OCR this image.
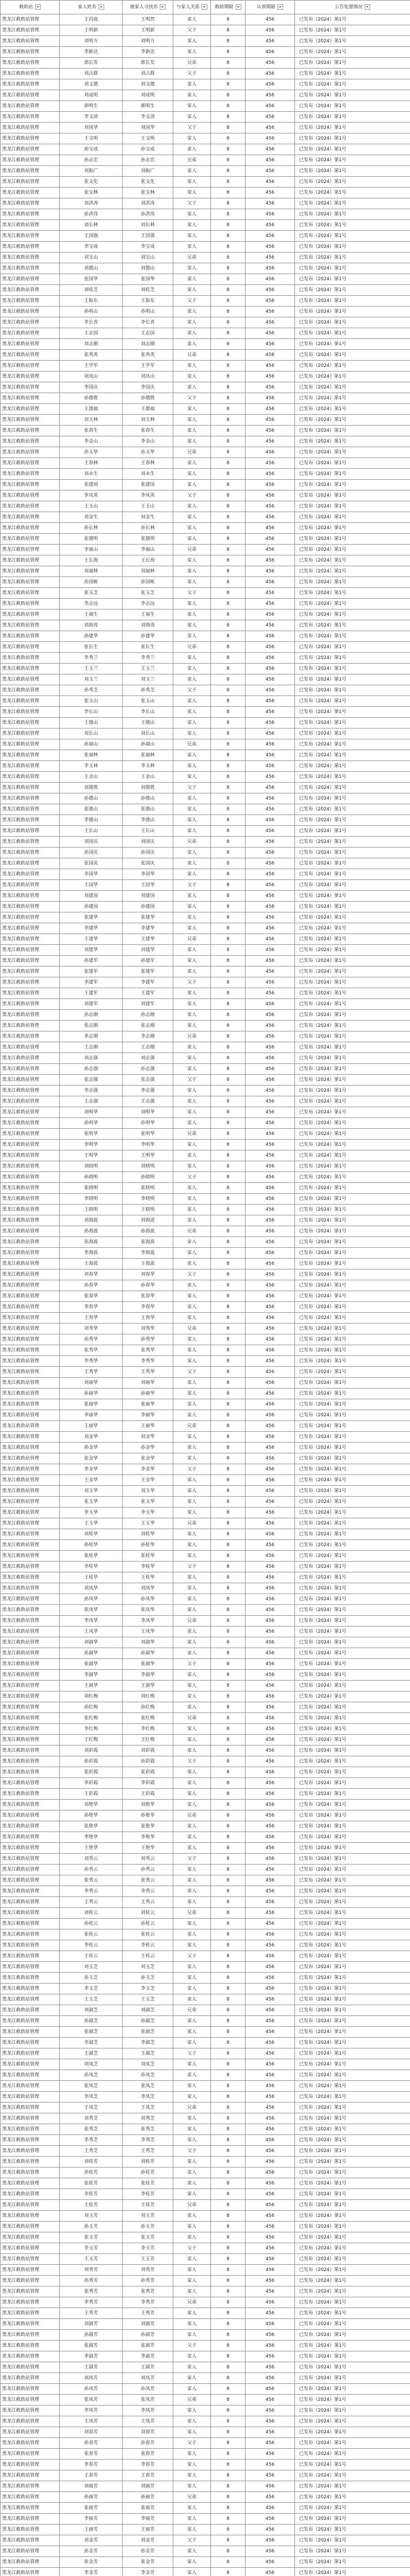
救助站	家人姓名	被家人寻找名	与家人关系	救助期限	认领期限	公告处置情况
黑龙江救助站管理	王昌庭	王明然	家人	8	456	已发布（2024）第1号
黑龙江救助站管理	王明新	王明新	父子	8	456	已发布（2024）第1号
黑龙江救助站管理	刘明方	刘明方	家人	8	456	已发布（2024）第1号
黑龙江救助站管理	李新达	李新达	家人	8	456	已发布（2024）第1号
黑龙江救助站管理	郭长发	郭长发	兄弟	8	456	已发布（2024）第1号
黑龙江救助站管理	刘占群	刘占群	父子	8	456	已发布（2024）第1号
黑龙江救助站管理	刘文德	刘文德	家人	8	456	已发布（2024）第1号
黑龙江救助站管理	刘成明	刘成明	家人	8	456	已发布（2024）第1号
黑龙江救助站管理	郭明生	郭明生	家人	8	456	已发布（2024）第1号
黑龙江救助站管理	李文清	李文清	家人	8	456	已发布（2024）第1号
黑龙江救助站管理	刘国华	刘国华	父子	8	456	已发布（2024）第1号
黑龙江救助站管理	王文明	王文明	家人	8	456	已发布（2024）第1号
黑龙江救助站管理	孙宝成	孙宝成	家人	8	456	已发布（2024）第1号
黑龙江救助站管理	孙志宏	孙志宏	兄弟	8	456	已发布（2024）第1号
黑龙江救助站管理	刘振广	刘振广	家人	8	456	已发布（2024）第1号
黑龙江救助站管理	张文化	张文化	家人	8	456	已发布（2024）第1号
黑龙江救助站管理	张宝林	张宝林	家人	8	456	已发布（2024）第1号
黑龙江救助站管理	刘洪涛	刘洪涛	父子	8	456	已发布（2024）第1号
黑龙江救助站管理	孙洪伟	孙洪伟	家人	8	456	已发布（2024）第1号
黑龙江救助站管理	刘长林	刘长林	家人	8	456	已发布（2024）第1号
黑龙江救助站管理	王国强	王国强	家人	8	456	已发布（2024）第1号
黑龙江救助站管理	李宝成	李宝成	家人	8	456	已发布（2024）第1号
黑龙江救助站管理	刘宝山	刘宝山	兄弟	8	456	已发布（2024）第1号
黑龙江救助站管理	刘德山	刘德山	家人	8	456	已发布（2024）第1号
黑龙江救助站管理	张国华	张国华	家人	8	456	已发布（2024）第1号
黑龙江救助站管理	刘桂芝	刘桂芝	家人	8	456	已发布（2024）第1号
黑龙江救助站管理	王振东	王振东	父子	8	456	已发布（2024）第1号
黑龙江救助站管理	孙明山	孙明山	家人	8	456	已发布（2024）第1号
黑龙江救助站管理	李长青	李长青	家人	8	456	已发布（2024）第1号
黑龙江救助站管理	王志国	王志国	家人	8	456	已发布（2024）第1号
黑龙江救助站管理	刘志刚	刘志刚	家人	8	456	已发布（2024）第1号
黑龙江救助站管理	张秀英	张秀英	兄弟	8	456	已发布（2024）第1号
黑龙江救助站管理	王学军	王学军	家人	8	456	已发布（2024）第1号
黑龙江救助站管理	刘凤山	刘凤山	家人	8	456	已发布（2024）第1号
黑龙江救助站管理	李国庆	李国庆	家人	8	456	已发布（2024）第1号
黑龙江救助站管理	孙德胜	孙德胜	父子	8	456	已发布（2024）第1号
黑龙江救助站管理	王德福	王德福	家人	8	456	已发布（2024）第1号
黑龙江救助站管理	刘玉林	刘玉林	家人	8	456	已发布（2024）第1号
黑龙江救助站管理	张春生	张春生	家人	8	456	已发布（2024）第1号
黑龙江救助站管理	李金山	李金山	家人	8	456	已发布（2024）第1号
黑龙江救助站管理	孙玉华	孙玉华	兄弟	8	456	已发布（2024）第1号
黑龙江救助站管理	王春林	王春林	家人	8	456	已发布（2024）第1号
黑龙江救助站管理	刘永生	刘永生	家人	8	456	已发布（2024）第1号
黑龙江救助站管理	张建国	张建国	家人	8	456	已发布（2024）第1号
黑龙江救助站管理	李凤英	李凤英	父子	8	456	已发布（2024）第1号
黑龙江救助站管理	王玉山	王玉山	家人	8	456	已发布（2024）第1号
黑龙江救助站管理	刘金生	刘金生	家人	8	456	已发布（2024）第1号
黑龙江救助站管理	孙长林	孙长林	家人	8	456	已发布（2024）第1号
黑龙江救助站管理	张德明	张德明	家人	8	456	已发布（2024）第1号
黑龙江救助站管理	李福山	李福山	兄弟	8	456	已发布（2024）第1号
黑龙江救助站管理	王长海	王长海	家人	8	456	已发布（2024）第1号
黑龙江救助站管理	刘福林	刘福林	家人	8	456	已发布（2024）第1号
黑龙江救助站管理	孙国栋	孙国栋	家人	8	456	已发布（2024）第1号
黑龙江救助站管理	张玉芝	张玉芝	父子	8	456	已发布（2024）第1号
黑龙江救助站管理	李志远	李志远	家人	8	456	已发布（2024）第1号
黑龙江救助站管理	王福生	王福生	家人	8	456	已发布（2024）第1号
黑龙江救助站管理	刘海涛	刘海涛	家人	8	456	已发布（2024）第1号
黑龙江救助站管理	孙建华	孙建华	家人	8	456	已发布（2024）第1号
黑龙江救助站管理	张长生	张长生	兄弟	8	456	已发布（2024）第1号
黑龙江救助站管理	李秀兰	李秀兰	家人	8	456	已发布（2024）第1号
黑龙江救助站管理	王玉兰	王玉兰	家人	8	456	已发布（2024）第1号
黑龙江救助站管理	刘玉兰	刘玉兰	家人	8	456	已发布（2024）第1号
黑龙江救助站管理	孙秀芝	孙秀芝	父子	8	456	已发布（2024）第1号
黑龙江救助站管理	张玉山	张玉山	家人	8	456	已发布（2024）第1号
黑龙江救助站管理	李长山	李长山	家人	8	456	已发布（2024）第1号
黑龙江救助站管理	王德山	王德山	家人	8	456	已发布（2024）第1号
黑龙江救助站管理	刘长山	刘长山	家人	8	456	已发布（2024）第1号
黑龙江救助站管理	孙福山	孙福山	兄弟	8	456	已发布（2024）第1号
黑龙江救助站管理	张福林	张福林	家人	8	456	已发布（2024）第1号
黑龙江救助站管理	李玉林	李玉林	家人	8	456	已发布（2024）第1号
黑龙江救助站管理	王金山	王金山	家人	8	456	已发布（2024）第1号
黑龙江救助站管理	刘德胜	刘德胜	父子	8	456	已发布（2024）第1号
黑龙江救助站管理	孙德山	孙德山	家人	8	456	已发布（2024）第1号
黑龙江救助站管理	张德山	张德山	家人	8	456	已发布（2024）第1号
黑龙江救助站管理	李德山	李德山	家人	8	456	已发布（2024）第1号
黑龙江救助站管理	王长山	王长山	家人	8	456	已发布（2024）第1号
黑龙江救助站管理	刘国庆	刘国庆	兄弟	8	456	已发布（2024）第1号
黑龙江救助站管理	孙国庆	孙国庆	家人	8	456	已发布（2024）第1号
黑龙江救助站管理	张国庆	张国庆	家人	8	456	已发布（2024）第1号
黑龙江救助站管理	李国华	李国华	家人	8	456	已发布（2024）第1号
黑龙江救助站管理	王国华	王国华	父子	8	456	已发布（2024）第1号
黑龙江救助站管理	刘建国	刘建国	家人	8	456	已发布（2024）第1号
黑龙江救助站管理	孙建国	孙建国	家人	8	456	已发布（2024）第1号
黑龙江救助站管理	张建华	张建华	家人	8	456	已发布（2024）第1号
黑龙江救助站管理	李建华	李建华	家人	8	456	已发布（2024）第1号
黑龙江救助站管理	王建华	王建华	兄弟	8	456	已发布（2024）第1号
黑龙江救助站管理	刘建华	刘建华	家人	8	456	已发布（2024）第1号
黑龙江救助站管理	孙建军	孙建军	家人	8	456	已发布（2024）第1号
黑龙江救助站管理	张建军	张建军	家人	8	456	已发布（2024）第1号
黑龙江救助站管理	李建军	李建军	父子	8	456	已发布（2024）第1号
黑龙江救助站管理	王建军	王建军	家人	8	456	已发布（2024）第1号
黑龙江救助站管理	刘建军	刘建军	家人	8	456	已发布（2024）第1号
黑龙江救助站管理	孙志刚	孙志刚	家人	8	456	已发布（2024）第1号
黑龙江救助站管理	张志刚	张志刚	家人	8	456	已发布（2024）第1号
黑龙江救助站管理	李志刚	李志刚	兄弟	8	456	已发布（2024）第1号
黑龙江救助站管理	王志刚	王志刚	家人	8	456	已发布（2024）第1号
黑龙江救助站管理	刘志强	刘志强	家人	8	456	已发布（2024）第1号
黑龙江救助站管理	孙志强	孙志强	家人	8	456	已发布（2024）第1号
黑龙江救助站管理	张志强	张志强	父子	8	456	已发布（2024）第1号
黑龙江救助站管理	李志强	李志强	家人	8	456	已发布（2024）第1号
黑龙江救助站管理	王志强	王志强	家人	8	456	已发布（2024）第1号
黑龙江救助站管理	刘明华	刘明华	家人	8	456	已发布（2024）第1号
黑龙江救助站管理	孙明华	孙明华	家人	8	456	已发布（2024）第1号
黑龙江救助站管理	张明华	张明华	兄弟	8	456	已发布（2024）第1号
黑龙江救助站管理	李明华	李明华	家人	8	456	已发布（2024）第1号
黑龙江救助站管理	王明华	王明华	家人	8	456	已发布（2024）第1号
黑龙江救助站管理	刘晓明	刘晓明	家人	8	456	已发布（2024）第1号
黑龙江救助站管理	孙晓明	孙晓明	父子	8	456	已发布（2024）第1号
黑龙江救助站管理	张晓明	张晓明	家人	8	456	已发布（2024）第1号
黑龙江救助站管理	李晓明	李晓明	家人	8	456	已发布（2024）第1号
黑龙江救助站管理	王晓明	王晓明	家人	8	456	已发布（2024）第1号
黑龙江救助站管理	刘海波	刘海波	家人	8	456	已发布（2024）第1号
黑龙江救助站管理	孙海波	孙海波	兄弟	8	456	已发布（2024）第1号
黑龙江救助站管理	张海波	张海波	家人	8	456	已发布（2024）第1号
黑龙江救助站管理	李海波	李海波	家人	8	456	已发布（2024）第1号
黑龙江救助站管理	王海波	王海波	家人	8	456	已发布（2024）第1号
黑龙江救助站管理	刘春华	刘春华	父子	8	456	已发布（2024）第1号
黑龙江救助站管理	孙春华	孙春华	家人	8	456	已发布（2024）第1号
黑龙江救助站管理	张春华	张春华	家人	8	456	已发布（2024）第1号
黑龙江救助站管理	李春华	李春华	家人	8	456	已发布（2024）第1号
黑龙江救助站管理	王春华	王春华	家人	8	456	已发布（2024）第1号
黑龙江救助站管理	刘秀华	刘秀华	兄弟	8	456	已发布（2024）第1号
黑龙江救助站管理	孙秀华	孙秀华	家人	8	456	已发布（2024）第1号
黑龙江救助站管理	张秀华	张秀华	家人	8	456	已发布（2024）第1号
黑龙江救助站管理	李秀华	李秀华	家人	8	456	已发布（2024）第1号
黑龙江救助站管理	王秀华	王秀华	父子	8	456	已发布（2024）第1号
黑龙江救助站管理	刘丽华	刘丽华	家人	8	456	已发布（2024）第1号
黑龙江救助站管理	孙丽华	孙丽华	家人	8	456	已发布（2024）第1号
黑龙江救助站管理	张丽华	张丽华	家人	8	456	已发布（2024）第1号
黑龙江救助站管理	李丽华	李丽华	家人	8	456	已发布（2024）第1号
黑龙江救助站管理	王丽华	王丽华	兄弟	8	456	已发布（2024）第1号
黑龙江救助站管理	刘金华	刘金华	家人	8	456	已发布（2024）第1号
黑龙江救助站管理	孙金华	孙金华	家人	8	456	已发布（2024）第1号
黑龙江救助站管理	张金华	张金华	家人	8	456	已发布（2024）第1号
黑龙江救助站管理	李金华	李金华	父子	8	456	已发布（2024）第1号
黑龙江救助站管理	王金华	王金华	家人	8	456	已发布（2024）第1号
黑龙江救助站管理	刘玉华	刘玉华	家人	8	456	已发布（2024）第1号
黑龙江救助站管理	张玉华	张玉华	家人	8	456	已发布（2024）第1号
黑龙江救助站管理	李玉华	李玉华	家人	8	456	已发布（2024）第1号
黑龙江救助站管理	王玉华	王玉华	兄弟	8	456	已发布（2024）第1号
黑龙江救助站管理	刘桂华	刘桂华	家人	8	456	已发布（2024）第1号
黑龙江救助站管理	孙桂华	孙桂华	家人	8	456	已发布（2024）第1号
黑龙江救助站管理	张桂华	张桂华	家人	8	456	已发布（2024）第1号
黑龙江救助站管理	李桂华	李桂华	父子	8	456	已发布（2024）第1号
黑龙江救助站管理	王桂华	王桂华	家人	8	456	已发布（2024）第1号
黑龙江救助站管理	刘凤华	刘凤华	家人	8	456	已发布（2024）第1号
黑龙江救助站管理	孙凤华	孙凤华	家人	8	456	已发布（2024）第1号
黑龙江救助站管理	张凤华	张凤华	家人	8	456	已发布（2024）第1号
黑龙江救助站管理	李凤华	李凤华	兄弟	8	456	已发布（2024）第1号
黑龙江救助站管理	王凤华	王凤华	家人	8	456	已发布（2024）第1号
黑龙江救助站管理	刘淑华	刘淑华	家人	8	456	已发布（2024）第1号
黑龙江救助站管理	孙淑华	孙淑华	家人	8	456	已发布（2024）第1号
黑龙江救助站管理	张淑华	张淑华	父子	8	456	已发布（2024）第1号
黑龙江救助站管理	李淑华	李淑华	家人	8	456	已发布（2024）第1号
黑龙江救助站管理	王淑华	王淑华	家人	8	456	已发布（2024）第1号
黑龙江救助站管理	刘红梅	刘红梅	家人	8	456	已发布（2024）第1号
黑龙江救助站管理	孙红梅	孙红梅	家人	8	456	已发布（2024）第1号
黑龙江救助站管理	张红梅	张红梅	兄弟	8	456	已发布（2024）第1号
黑龙江救助站管理	李红梅	李红梅	家人	8	456	已发布（2024）第1号
黑龙江救助站管理	王红梅	王红梅	家人	8	456	已发布（2024）第1号
黑龙江救助站管理	刘彩霞	刘彩霞	家人	8	456	已发布（2024）第1号
黑龙江救助站管理	孙彩霞	孙彩霞	父子	8	456	已发布（2024）第1号
黑龙江救助站管理	张彩霞	张彩霞	家人	8	456	已发布（2024）第1号
黑龙江救助站管理	李彩霞	李彩霞	家人	8	456	已发布（2024）第1号
黑龙江救助站管理	王彩霞	王彩霞	家人	8	456	已发布（2024）第1号
黑龙江救助站管理	刘艳华	刘艳华	家人	8	456	已发布（2024）第1号
黑龙江救助站管理	孙艳华	孙艳华	兄弟	8	456	已发布（2024）第1号
黑龙江救助站管理	张艳华	张艳华	家人	8	456	已发布（2024）第1号
黑龙江救助站管理	李艳华	李艳华	家人	8	456	已发布（2024）第1号
黑龙江救助站管理	王艳华	王艳华	家人	8	456	已发布（2024）第1号
黑龙江救助站管理	刘秀云	刘秀云	父子	8	456	已发布（2024）第1号
黑龙江救助站管理	孙秀云	孙秀云	家人	8	456	已发布（2024）第1号
黑龙江救助站管理	张秀云	张秀云	家人	8	456	已发布（2024）第1号
黑龙江救助站管理	李秀云	李秀云	家人	8	456	已发布（2024）第1号
黑龙江救助站管理	王秀云	王秀云	家人	8	456	已发布（2024）第1号
黑龙江救助站管理	刘桂云	刘桂云	兄弟	8	456	已发布（2024）第1号
黑龙江救助站管理	孙桂云	孙桂云	家人	8	456	已发布（2024）第1号
黑龙江救助站管理	张桂云	张桂云	家人	8	456	已发布（2024）第1号
黑龙江救助站管理	李桂云	李桂云	家人	8	456	已发布（2024）第1号
黑龙江救助站管理	王桂云	王桂云	父子	8	456	已发布（2024）第1号
黑龙江救助站管理	刘玉芝	刘玉芝	家人	8	456	已发布（2024）第1号
黑龙江救助站管理	孙玉芝	孙玉芝	家人	8	456	已发布（2024）第1号
黑龙江救助站管理	李玉芝	李玉芝	家人	8	456	已发布（2024）第1号
黑龙江救助站管理	王玉芝	王玉芝	家人	8	456	已发布（2024）第1号
黑龙江救助站管理	刘淑芝	刘淑芝	兄弟	8	456	已发布（2024）第1号
黑龙江救助站管理	孙淑芝	孙淑芝	家人	8	456	已发布（2024）第1号
黑龙江救助站管理	张淑芝	张淑芝	家人	8	456	已发布（2024）第1号
黑龙江救助站管理	李淑芝	李淑芝	家人	8	456	已发布（2024）第1号
黑龙江救助站管理	王淑芝	王淑芝	父子	8	456	已发布（2024）第1号
黑龙江救助站管理	刘凤芝	刘凤芝	家人	8	456	已发布（2024）第1号
黑龙江救助站管理	孙凤芝	孙凤芝	家人	8	456	已发布（2024）第1号
黑龙江救助站管理	张凤芝	张凤芝	家人	8	456	已发布（2024）第1号
黑龙江救助站管理	李凤芝	李凤芝	家人	8	456	已发布（2024）第1号
黑龙江救助站管理	王凤芝	王凤芝	兄弟	8	456	已发布（2024）第1号
黑龙江救助站管理	刘秀芝	刘秀芝	家人	8	456	已发布（2024）第1号
黑龙江救助站管理	张秀芝	张秀芝	家人	8	456	已发布（2024）第1号
黑龙江救助站管理	李秀芝	李秀芝	家人	8	456	已发布（2024）第1号
黑龙江救助站管理	王秀芝	王秀芝	父子	8	456	已发布（2024）第1号
黑龙江救助站管理	刘桂芳	刘桂芳	家人	8	456	已发布（2024）第1号
黑龙江救助站管理	孙桂芳	孙桂芳	家人	8	456	已发布（2024）第1号
黑龙江救助站管理	张桂芳	张桂芳	家人	8	456	已发布（2024）第1号
黑龙江救助站管理	李桂芳	李桂芳	家人	8	456	已发布（2024）第1号
黑龙江救助站管理	王桂芳	王桂芳	兄弟	8	456	已发布（2024）第1号
黑龙江救助站管理	刘玉芳	刘玉芳	家人	8	456	已发布（2024）第1号
黑龙江救助站管理	孙玉芳	孙玉芳	家人	8	456	已发布（2024）第1号
黑龙江救助站管理	张玉芳	张玉芳	家人	8	456	已发布（2024）第1号
黑龙江救助站管理	李玉芳	李玉芳	父子	8	456	已发布（2024）第1号
黑龙江救助站管理	王玉芳	王玉芳	家人	8	456	已发布（2024）第1号
黑龙江救助站管理	刘秀芳	刘秀芳	家人	8	456	已发布（2024）第1号
黑龙江救助站管理	孙秀芳	孙秀芳	家人	8	456	已发布（2024）第1号
黑龙江救助站管理	张秀芳	张秀芳	家人	8	456	已发布（2024）第1号
黑龙江救助站管理	李秀芳	李秀芳	兄弟	8	456	已发布（2024）第1号
黑龙江救助站管理	王秀芳	王秀芳	家人	8	456	已发布（2024）第1号
黑龙江救助站管理	刘淑芳	刘淑芳	家人	8	456	已发布（2024）第1号
黑龙江救助站管理	孙淑芳	孙淑芳	家人	8	456	已发布（2024）第1号
黑龙江救助站管理	张淑芳	张淑芳	父子	8	456	已发布（2024）第1号
黑龙江救助站管理	李淑芳	李淑芳	家人	8	456	已发布（2024）第1号
黑龙江救助站管理	王淑芳	王淑芳	家人	8	456	已发布（2024）第1号
黑龙江救助站管理	刘凤芳	刘凤芳	家人	8	456	已发布（2024）第1号
黑龙江救助站管理	孙凤芳	孙凤芳	家人	8	456	已发布（2024）第1号
黑龙江救助站管理	张凤芳	张凤芳	兄弟	8	456	已发布（2024）第1号
黑龙江救助站管理	李凤芳	李凤芳	家人	8	456	已发布（2024）第1号
黑龙江救助站管理	王凤芳	王凤芳	家人	8	456	已发布（2024）第1号
黑龙江救助站管理	刘春芳	刘春芳	家人	8	456	已发布（2024）第1号
黑龙江救助站管理	孙春芳	孙春芳	父子	8	456	已发布（2024）第1号
黑龙江救助站管理	张春芳	张春芳	家人	8	456	已发布（2024）第1号
黑龙江救助站管理	李春芳	李春芳	家人	8	456	已发布（2024）第1号
黑龙江救助站管理	王春芳	王春芳	家人	8	456	已发布（2024）第1号
黑龙江救助站管理	刘丽芳	刘丽芳	家人	8	456	已发布（2024）第1号
黑龙江救助站管理	孙丽芳	孙丽芳	兄弟	8	456	已发布（2024）第1号
黑龙江救助站管理	张丽芳	张丽芳	家人	8	456	已发布（2024）第1号
黑龙江救助站管理	李丽芳	李丽芳	家人	8	456	已发布（2024）第1号
黑龙江救助站管理	王丽芳	王丽芳	家人	8	456	已发布（2024）第1号
黑龙江救助站管理	刘金芳	刘金芳	父子	8	456	已发布（2024）第1号
黑龙江救助站管理	孙金芳	孙金芳	家人	8	456	已发布（2024）第1号
黑龙江救助站管理	张金芳	张金芳	家人	8	456	已发布（2024）第1号
黑龙江救助站管理	李金芳	李金芳	家人	8	456	已发布（2024）第1号
